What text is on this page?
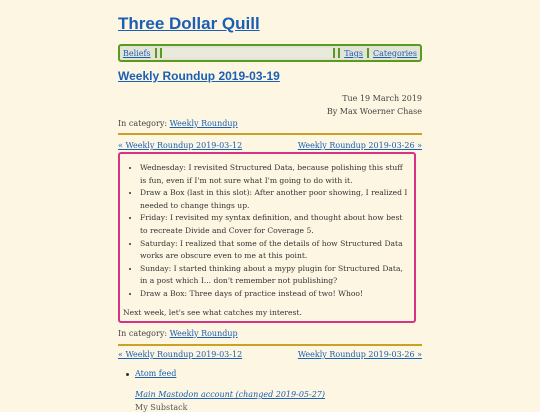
Three Dollar Quill
Beliefs	Tags	Categories
Weekly Roundup 2019-03-19
Tue 19 March 2019
By Max Woerner Chase
In category: Weekly Roundup
« Weekly Roundup 2019-03-12	Weekly Roundup 2019-03-26 »
• Wednesday: I revisited Structured Data, because polishing this stuff is fun, even if I'm not sure what I'm going to do with it.
• Draw a Box (last in this slot): After another poor showing, I realized I needed to change things up.
• Friday: I revisited my syntax definition, and thought about how best to recreate Divide and Cover for Coverage 5.
• Saturday: I realized that some of the details of how Structured Data works are obscure even to me at this point.
• Sunday: I started thinking about a mypy plugin for Structured Data, in a post which I... don't remember not publishing?
• Draw a Box: Three days of practice instead of two! Whoo!

Next week, let's see what catches my interest.

In category: Weekly Roundup
« Weekly Roundup 2019-03-12	Weekly Roundup 2019-03-26 »
Atom feed
Main Mastodon account (changed 2019-05-27)
My Substack
